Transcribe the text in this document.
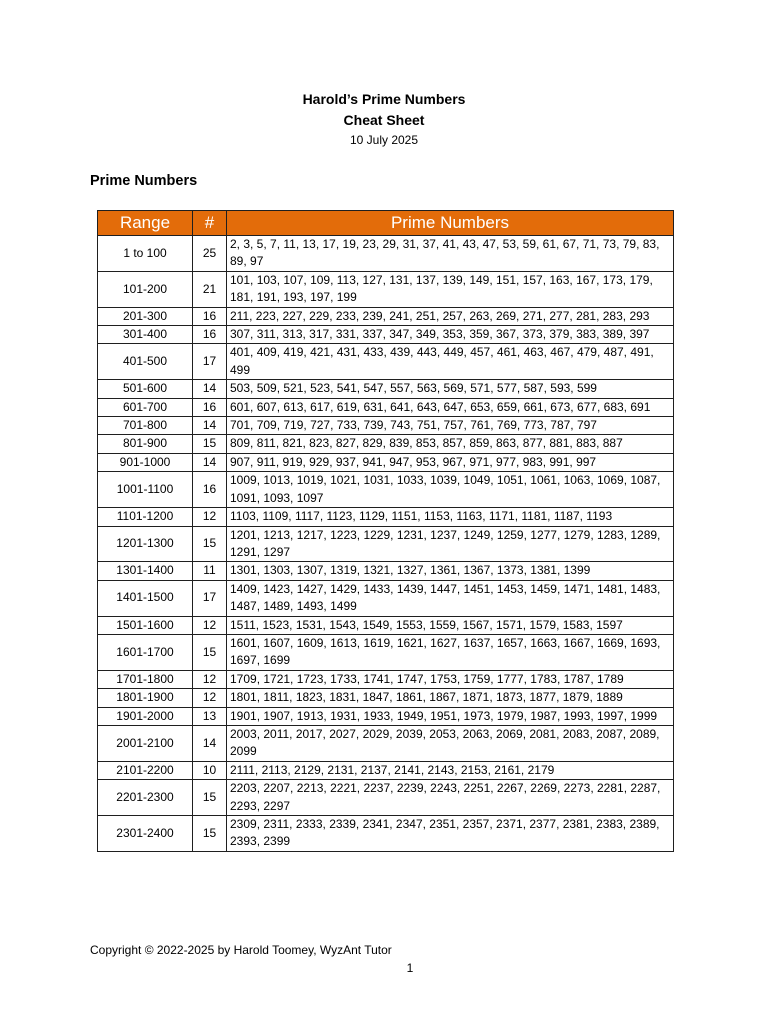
Harold’s Prime Numbers
Cheat Sheet
10 July 2025
Prime Numbers
Range	#	Prime Numbers
1 to 100	25	2, 3, 5, 7, 11, 13, 17, 19, 23, 29, 31, 37, 41, 43, 47, 53, 59, 61, 67, 71, 73, 79, 83, 89, 97
101-200	21	101, 103, 107, 109, 113, 127, 131, 137, 139, 149, 151, 157, 163, 167, 173, 179, 181, 191, 193, 197, 199
201-300	16	211, 223, 227, 229, 233, 239, 241, 251, 257, 263, 269, 271, 277, 281, 283, 293
301-400	16	307, 311, 313, 317, 331, 337, 347, 349, 353, 359, 367, 373, 379, 383, 389, 397
401-500	17	401, 409, 419, 421, 431, 433, 439, 443, 449, 457, 461, 463, 467, 479, 487, 491, 499
501-600	14	503, 509, 521, 523, 541, 547, 557, 563, 569, 571, 577, 587, 593, 599
601-700	16	601, 607, 613, 617, 619, 631, 641, 643, 647, 653, 659, 661, 673, 677, 683, 691
701-800	14	701, 709, 719, 727, 733, 739, 743, 751, 757, 761, 769, 773, 787, 797
801-900	15	809, 811, 821, 823, 827, 829, 839, 853, 857, 859, 863, 877, 881, 883, 887
901-1000	14	907, 911, 919, 929, 937, 941, 947, 953, 967, 971, 977, 983, 991, 997
1001-1100	16	1009, 1013, 1019, 1021, 1031, 1033, 1039, 1049, 1051, 1061, 1063, 1069, 1087, 1091, 1093, 1097
1101-1200	12	1103, 1109, 1117, 1123, 1129, 1151, 1153, 1163, 1171, 1181, 1187, 1193
1201-1300	15	1201, 1213, 1217, 1223, 1229, 1231, 1237, 1249, 1259, 1277, 1279, 1283, 1289, 1291, 1297
1301-1400	11	1301, 1303, 1307, 1319, 1321, 1327, 1361, 1367, 1373, 1381, 1399
1401-1500	17	1409, 1423, 1427, 1429, 1433, 1439, 1447, 1451, 1453, 1459, 1471, 1481, 1483, 1487, 1489, 1493, 1499
1501-1600	12	1511, 1523, 1531, 1543, 1549, 1553, 1559, 1567, 1571, 1579, 1583, 1597
1601-1700	15	1601, 1607, 1609, 1613, 1619, 1621, 1627, 1637, 1657, 1663, 1667, 1669, 1693, 1697, 1699
1701-1800	12	1709, 1721, 1723, 1733, 1741, 1747, 1753, 1759, 1777, 1783, 1787, 1789
1801-1900	12	1801, 1811, 1823, 1831, 1847, 1861, 1867, 1871, 1873, 1877, 1879, 1889
1901-2000	13	1901, 1907, 1913, 1931, 1933, 1949, 1951, 1973, 1979, 1987, 1993, 1997, 1999
2001-2100	14	2003, 2011, 2017, 2027, 2029, 2039, 2053, 2063, 2069, 2081, 2083, 2087, 2089, 2099
2101-2200	10	2111, 2113, 2129, 2131, 2137, 2141, 2143, 2153, 2161, 2179
2201-2300	15	2203, 2207, 2213, 2221, 2237, 2239, 2243, 2251, 2267, 2269, 2273, 2281, 2287, 2293, 2297
2301-2400	15	2309, 2311, 2333, 2339, 2341, 2347, 2351, 2357, 2371, 2377, 2381, 2383, 2389, 2393, 2399
Copyright © 2022-2025 by Harold Toomey, WyzAnt Tutor
1
